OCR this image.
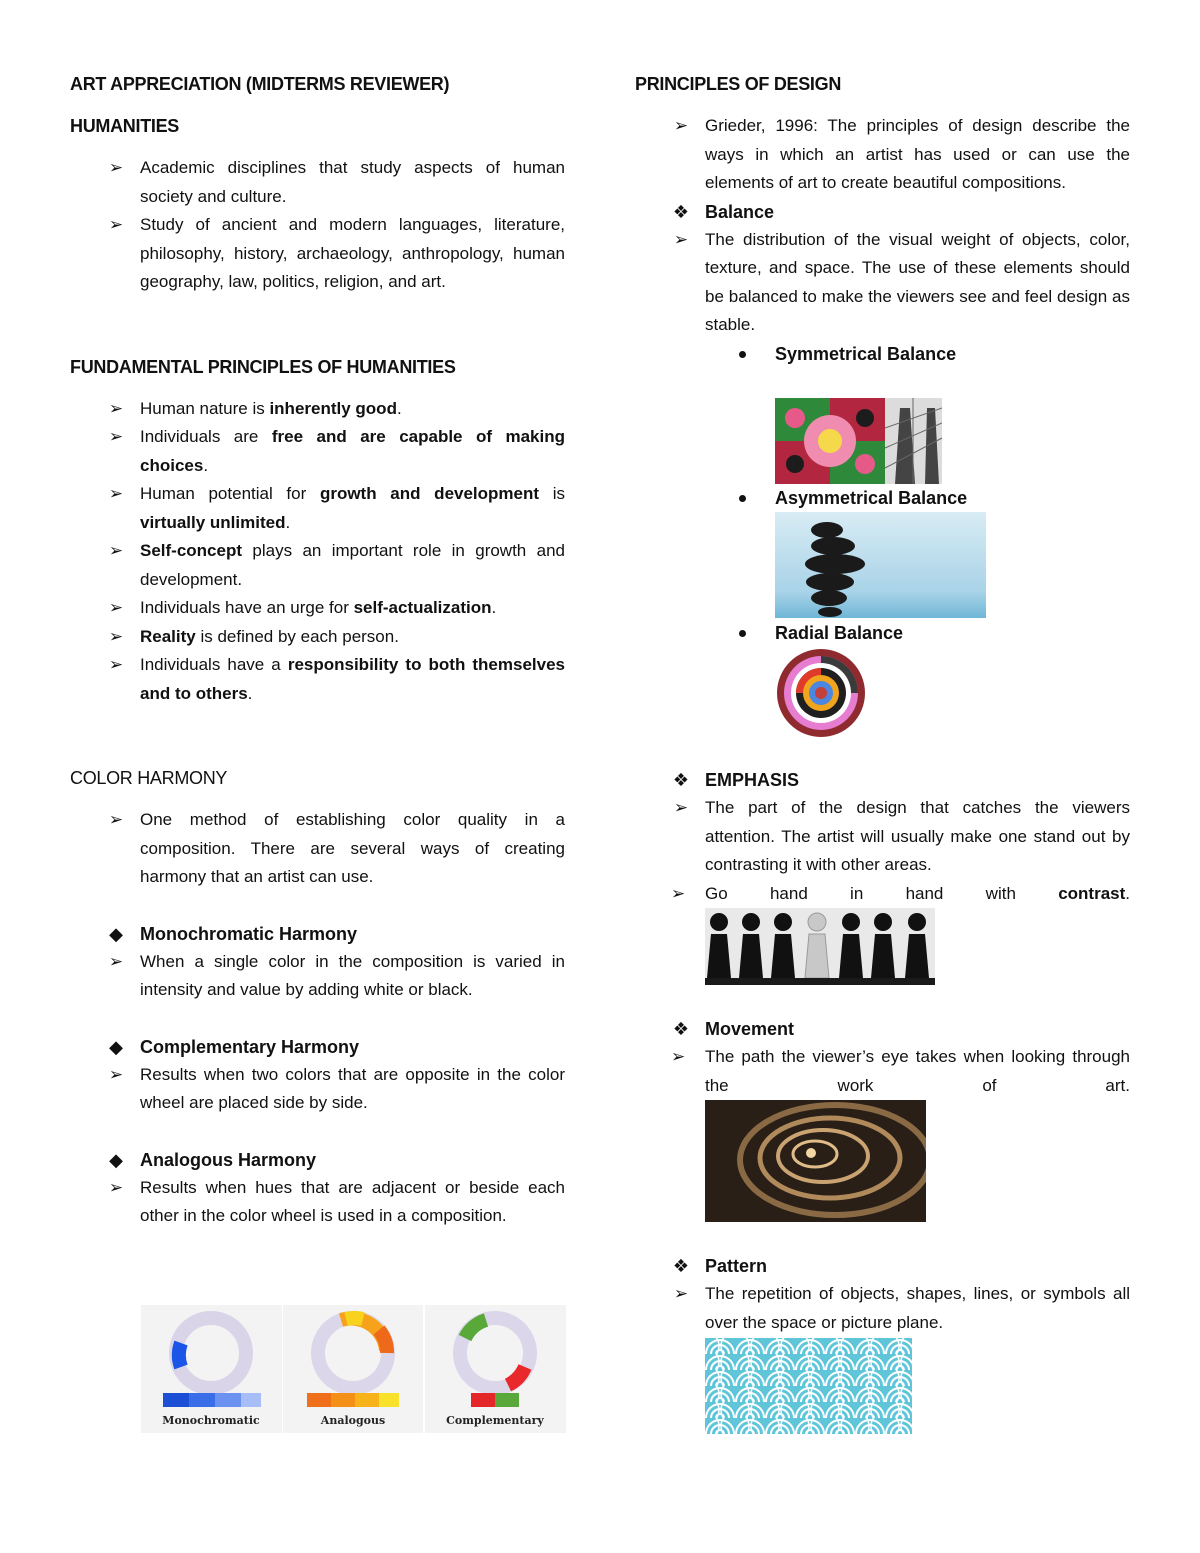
ART APPRECIATION (MIDTERMS REVIEWER)
HUMANITIES
➢ Academic disciplines that study aspects of human society and culture.
➢ Study of ancient and modern languages, literature, philosophy, history, archaeology, anthropology, human geography, law, politics, religion, and art.
FUNDAMENTAL PRINCIPLES OF HUMANITIES
➢ Human nature is inherently good.
➢ Individuals are free and are capable of making choices.
➢ Human potential for growth and development is virtually unlimited.
➢ Self-concept plays an important role in growth and development.
➢ Individuals have an urge for self-actualization.
➢ Reality is defined by each person.
➢ Individuals have a responsibility to both themselves and to others.
COLOR HARMONY
➢ One method of establishing color quality in a composition. There are several ways of creating harmony that an artist can use.
◆ Monochromatic Harmony
➢ When a single color in the composition is varied in intensity and value by adding white or black.
◆ Complementary Harmony
➢ Results when two colors that are opposite in the color wheel are placed side by side.
◆ Analogous Harmony
➢ Results when hues that are adjacent or beside each other in the color wheel is used in a composition.
Monochromatic	Analogous	Complementary
PRINCIPLES OF DESIGN
➢ Grieder, 1996: The principles of design describe the ways in which an artist has used or can use the elements of art to create beautiful compositions.
❖ Balance
➢ The distribution of the visual weight of objects, color, texture, and space. The use of these elements should be balanced to make the viewers see and feel design as stable.
Symmetrical Balance
Asymmetrical Balance
Radial Balance
❖ EMPHASIS
➢ The part of the design that catches the viewers attention. The artist will usually make one stand out by contrasting it with other areas.
➢	Go hand in hand with contrast.
❖ Movement
➢	The path the viewer’s eye takes when looking through the work of art.
❖ Pattern
➢ The repetition of objects, shapes, lines, or symbols all over the space or picture plane.
